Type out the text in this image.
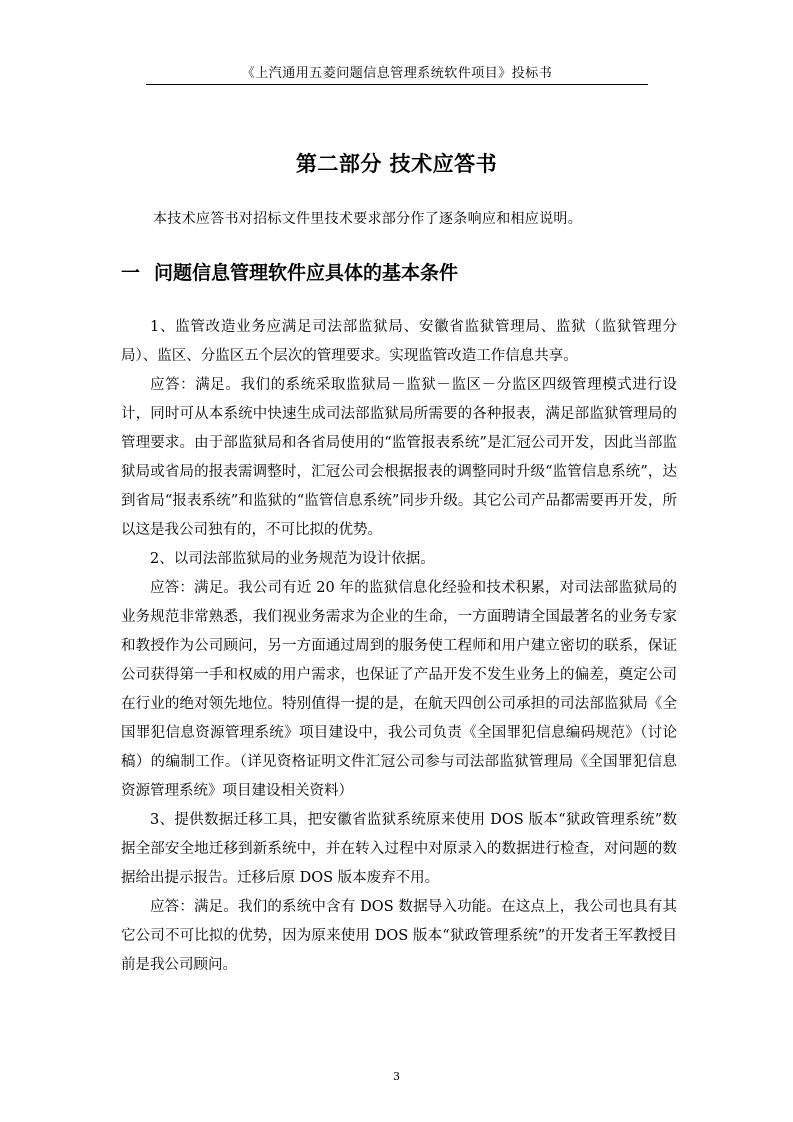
《上汽通用五菱问题信息管理系统软件项目》投标书
第二部分 技术应答书
本技术应答书对招标文件里技术要求部分作了逐条响应和相应说明。
一 问题信息管理软件应具体的基本条件

1、监管改造业务应满足司法部监狱局、安徽省监狱管理局、监狱（监狱管理分局）、监区、分监区五个层次的管理要求。实现监管改造工作信息共享。

应答：满足。我们的系统采取监狱局－监狱－监区－分监区四级管理模式进行设计，同时可从本系统中快速生成司法部监狱局所需要的各种报表，满足部监狱管理局的管理要求。由于部监狱局和各省局使用的“监管报表系统”是汇冠公司开发，因此当部监狱局或省局的报表需调整时，汇冠公司会根据报表的调整同时升级“监管信息系统”，达到省局“报表系统”和监狱的“监管信息系统”同步升级。其它公司产品都需要再开发，所以这是我公司独有的，不可比拟的优势。

2、以司法部监狱局的业务规范为设计依据。

应答：满足。我公司有近 20 年的监狱信息化经验和技术积累，对司法部监狱局的业务规范非常熟悉，我们视业务需求为企业的生命，一方面聘请全国最著名的业务专家和教授作为公司顾问，另一方面通过周到的服务使工程师和用户建立密切的联系，保证公司获得第一手和权威的用户需求，也保证了产品开发不发生业务上的偏差，奠定公司在行业的绝对领先地位。特别值得一提的是，在航天四创公司承担的司法部监狱局《全国罪犯信息资源管理系统》项目建设中，我公司负责《全国罪犯信息编码规范》（讨论稿）的编制工作。（详见资格证明文件汇冠公司参与司法部监狱管理局《全国罪犯信息资源管理系统》项目建设相关资料）

3、提供数据迁移工具，把安徽省监狱系统原来使用 DOS 版本“狱政管理系统”数据全部安全地迁移到新系统中，并在转入过程中对原录入的数据进行检查，对问题的数据给出提示报告。迁移后原 DOS 版本废弃不用。

应答：满足。我们的系统中含有 DOS 数据导入功能。在这点上，我公司也具有其它公司不可比拟的优势，因为原来使用 DOS 版本“狱政管理系统”的开发者王军教授目前是我公司顾问。

3
